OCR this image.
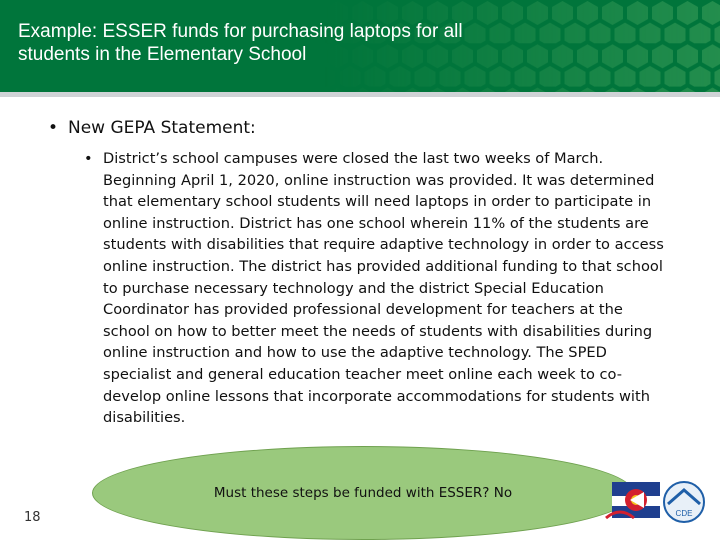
Example: ESSER funds for purchasing laptops for all students in the Elementary School
• New GEPA Statement:
• District’s school campuses were closed the last two weeks of March. Beginning April 1, 2020, online instruction was provided. It was determined that elementary school students will need laptops in order to participate in online instruction. District has one school wherein 11% of the students are students with disabilities that require adaptive technology in order to access online instruction. The district has provided additional funding to that school to purchase necessary technology and the district Special Education Coordinator has provided professional development for teachers at the school on how to better meet the needs of students with disabilities during online instruction and how to use the adaptive technology. The SPED specialist and general education teacher meet online each week to co-develop online lessons that incorporate accommodations for students with disabilities.
Must these steps be funded with ESSER? No
18	CDE
